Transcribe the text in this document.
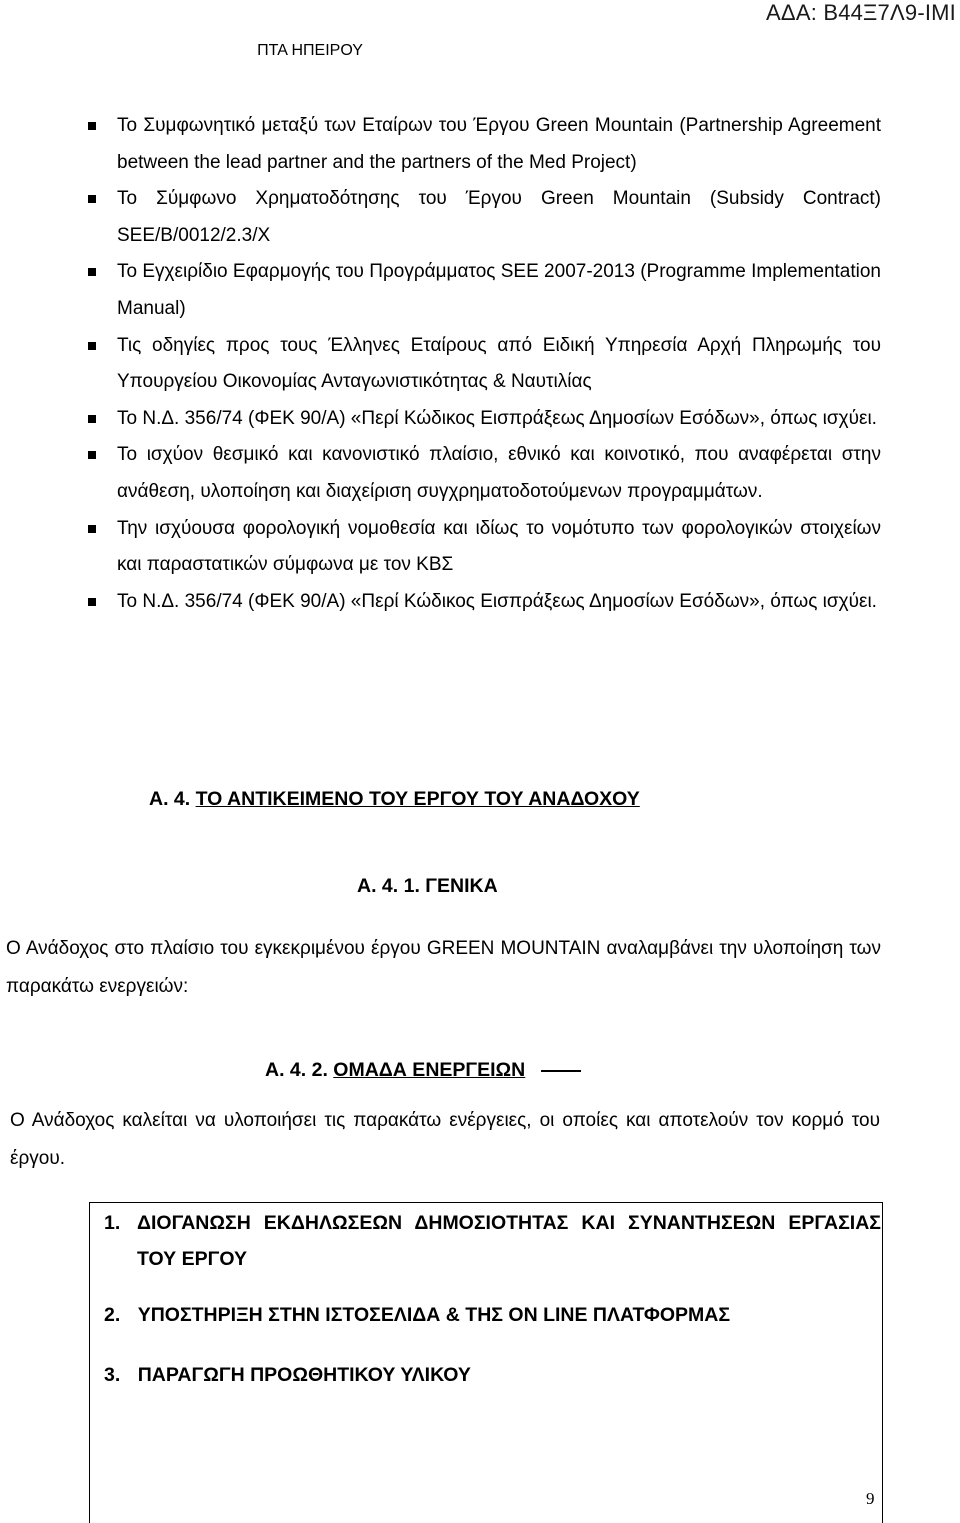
ΑΔΑ: Β44Ξ7Λ9-ΙΜΙ
ΠΤΑ ΗΠΕΙΡΟΥ
Το Συμφωνητικό μεταξύ των Εταίρων του Έργου Green Mountain (Partnership Agreement between the lead partner and the partners of the Med Project)
Το Σύμφωνο Χρηματοδότησης του Έργου Green Mountain (Subsidy Contract) SEE/B/0012/2.3/X
Το Εγχειρίδιο Εφαρμογής του Προγράμματος SEE 2007-2013 (Programme Implementation Manual)
Τις οδηγίες προς τους Έλληνες Εταίρους από Ειδική Υπηρεσία Αρχή Πληρωμής του Υπουργείου Οικονομίας Ανταγωνιστικότητας & Ναυτιλίας
Το Ν.Δ. 356/74 (ΦΕΚ 90/Α) «Περί Κώδικος Εισπράξεως Δημοσίων Εσόδων», όπως ισχύει.
Το ισχύον θεσμικό και κανονιστικό πλαίσιο, εθνικό και κοινοτικό, που αναφέρεται στην ανάθεση, υλοποίηση και διαχείριση συγχρηματοδοτούμενων προγραμμάτων.
Την ισχύουσα φορολογική νομοθεσία και ιδίως το νομότυπο των φορολογικών στοιχείων και παραστατικών σύμφωνα με τον ΚΒΣ
Το Ν.Δ. 356/74 (ΦΕΚ 90/Α) «Περί Κώδικος Εισπράξεως Δημοσίων Εσόδων», όπως ισχύει.
Α. 4. ΤΟ ΑΝΤΙΚΕΙΜΕΝΟ ΤΟΥ ΕΡΓΟΥ ΤΟΥ ΑΝΑΔΟΧΟΥ
Α. 4. 1. ΓΕΝΙΚΑ
Ο Ανάδοχος στο πλαίσιο του εγκεκριμένου έργου GREEN MOUNTAIN αναλαμβάνει την υλοποίηση των παρακάτω ενεργειών:
Α. 4. 2. ΟΜΑΔΑ ΕΝΕΡΓΕΙΩΝ
Ο Ανάδοχος καλείται να υλοποιήσει τις παρακάτω ενέργειες, οι οποίες και αποτελούν τον κορμό του έργου.
1. ΔΙΟΓΑΝΩΣΗ ΕΚΔΗΛΩΣΕΩΝ ΔΗΜΟΣΙΟΤΗΤΑΣ ΚΑΙ ΣΥΝΑΝΤΗΣΕΩΝ ΕΡΓΑΣΙΑΣ ΤΟΥ ΕΡΓΟΥ
2. ΥΠΟΣΤΗΡΙΞΗ ΣΤΗΝ ΙΣΤΟΣΕΛΙΔΑ & ΤΗΣ ΟΝ LINE ΠΛΑΤΦΟΡΜΑΣ
3. ΠΑΡΑΓΩΓΗ ΠΡΟΩΘΗΤΙΚΟΥ ΥΛΙΚΟΥ
9
